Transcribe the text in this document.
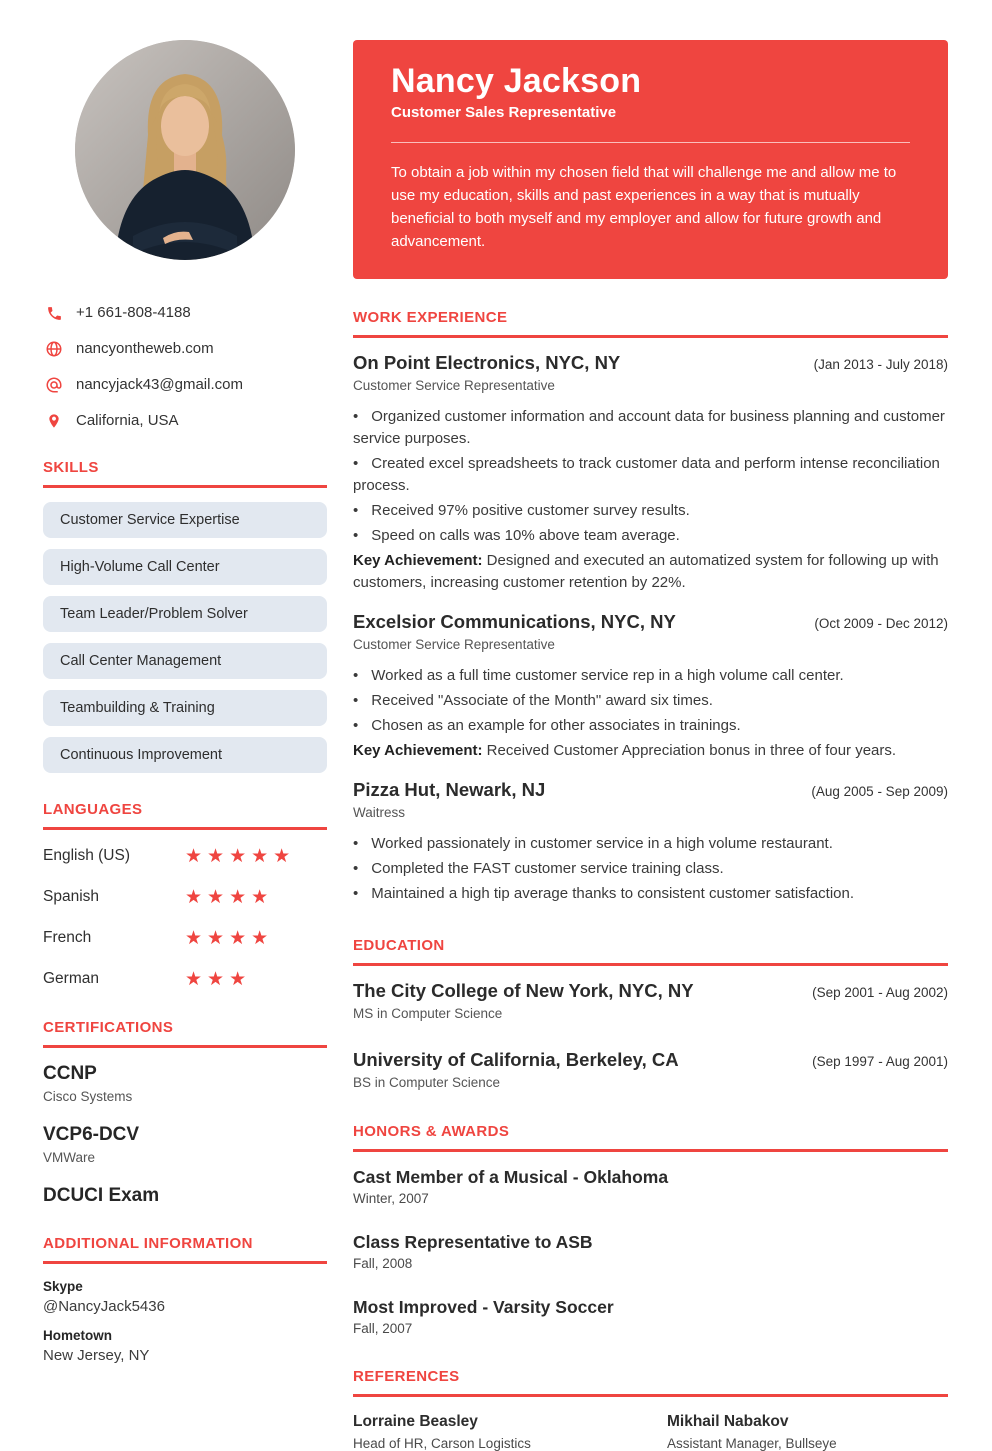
+1 661-808-4188
nancyontheweb.com
nancyjack43@gmail.com
California, USA
SKILLS
Customer Service Expertise
High-Volume Call Center
Team Leader/Problem Solver
Call Center Management
Teambuilding & Training
Continuous Improvement
LANGUAGES
English (US)	★★★★★
Spanish	★★★★
French	★★★★
German	★★★
CERTIFICATIONS
CCNP
Cisco Systems
VCP6-DCV
VMWare
DCUCI Exam
ADDITIONAL INFORMATION
Skype
@NancyJack5436
Hometown
New Jersey, NY
Nancy Jackson
Customer Sales Representative

To obtain a job within my chosen field that will challenge me and allow me to use my education, skills and past experiences in a way that is mutually beneficial to both myself and my employer and allow for future growth and advancement.

WORK EXPERIENCE
On Point Electronics, NYC, NY	(Jan 2013 - July 2018)
Customer Service Representative
• Organized customer information and account data for business planning and customer service purposes.
• Created excel spreadsheets to track customer data and perform intense reconciliation process.
• Received 97% positive customer survey results.
• Speed on calls was 10% above team average.

Key Achievement: Designed and executed an automatized system for following up with customers, increasing customer retention by 22%.

Excelsior Communications, NYC, NY	(Oct 2009 - Dec 2012)
Customer Service Representative
• Worked as a full time customer service rep in a high volume call center.
• Received "Associate of the Month" award six times.
• Chosen as an example for other associates in trainings.

Key Achievement: Received Customer Appreciation bonus in three of four years.

Pizza Hut, Newark, NJ	(Aug 2005 - Sep 2009)
Waitress
• Worked passionately in customer service in a high volume restaurant.
• Completed the FAST customer service training class.
• Maintained a high tip average thanks to consistent customer satisfaction.
EDUCATION
The City College of New York, NYC, NY	(Sep 2001 - Aug 2002)
MS in Computer Science
University of California, Berkeley, CA	(Sep 1997 - Aug 2001)
BS in Computer Science
HONORS & AWARDS
Cast Member of a Musical - Oklahoma
Winter, 2007
Class Representative to ASB
Fall, 2008
Most Improved - Varsity Soccer
Fall, 2007
REFERENCES
Lorraine Beasley
Head of HR, Carson Logistics
Mikhail Nabakov
Assistant Manager, Bullseye
